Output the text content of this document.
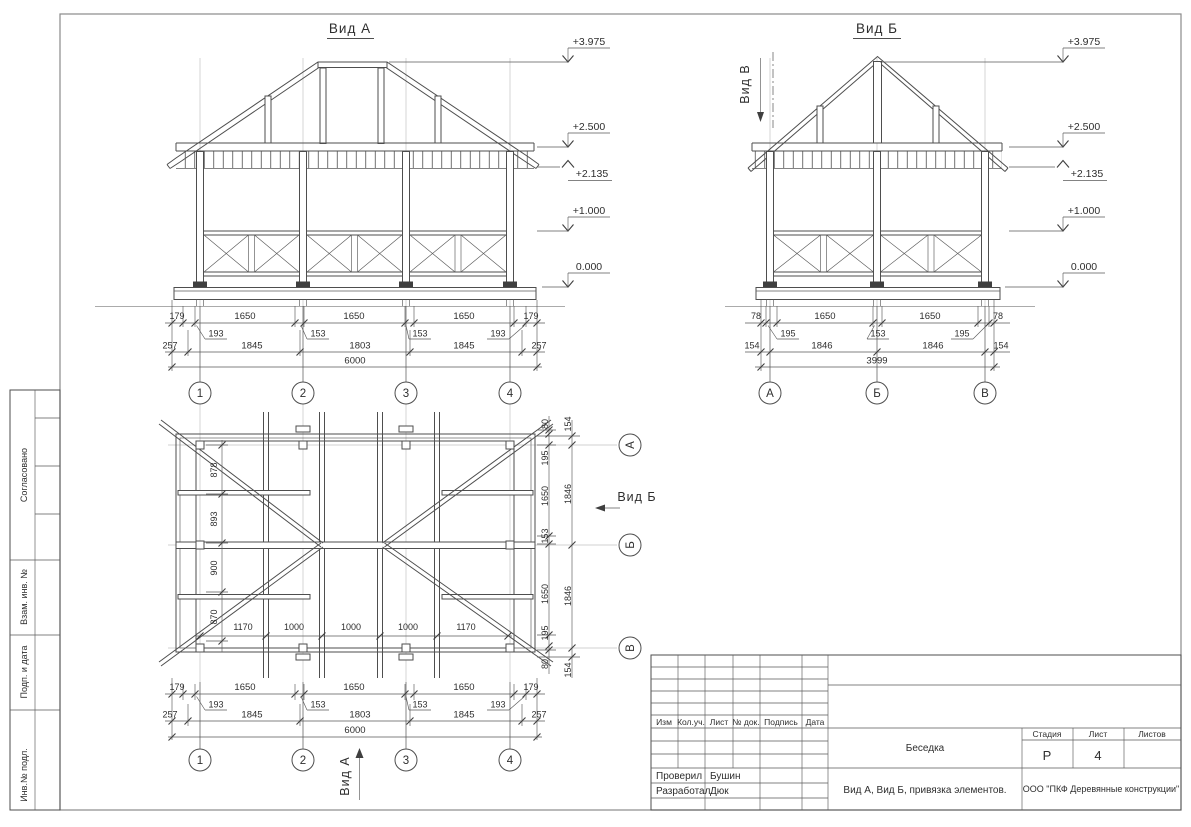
Вид А
179	1650	1650	1650	179
193	153	153	193
257	1845	1803	1845	257
6000
1	2	3	4
+3.975
+2.500
+2.135
+1.000
0.000
Вид Б
Вид В
78	1650	1650	78
195	153	195
154	1846	1846	154
3999
А	Б	В
+3.975
+2.500
+2.135
+1.000
0.000
878
893
900
870
1170	1000	1000	1000	1170
80
195
1650
153
1650
195
80
154
1846
1846
154
А
Б
В
Вид Б
179	1650	1650	1650	179
193	153	153	193
257	1845	1803	1845	257
6000
1	2	3	4
Вид А
Согласовано
Взам. инв. №
Подп. и дата
Инв.№ подл.
Изм Кол.уч. Лист № док. Подпись Дата
Проверил Бушин
Разработал Дюк
Беседка
Вид А, Вид Б, привязка элементов.
Стадия	Лист	Листов
Р	4
ООО "ПКФ Деревянные конструкции"
